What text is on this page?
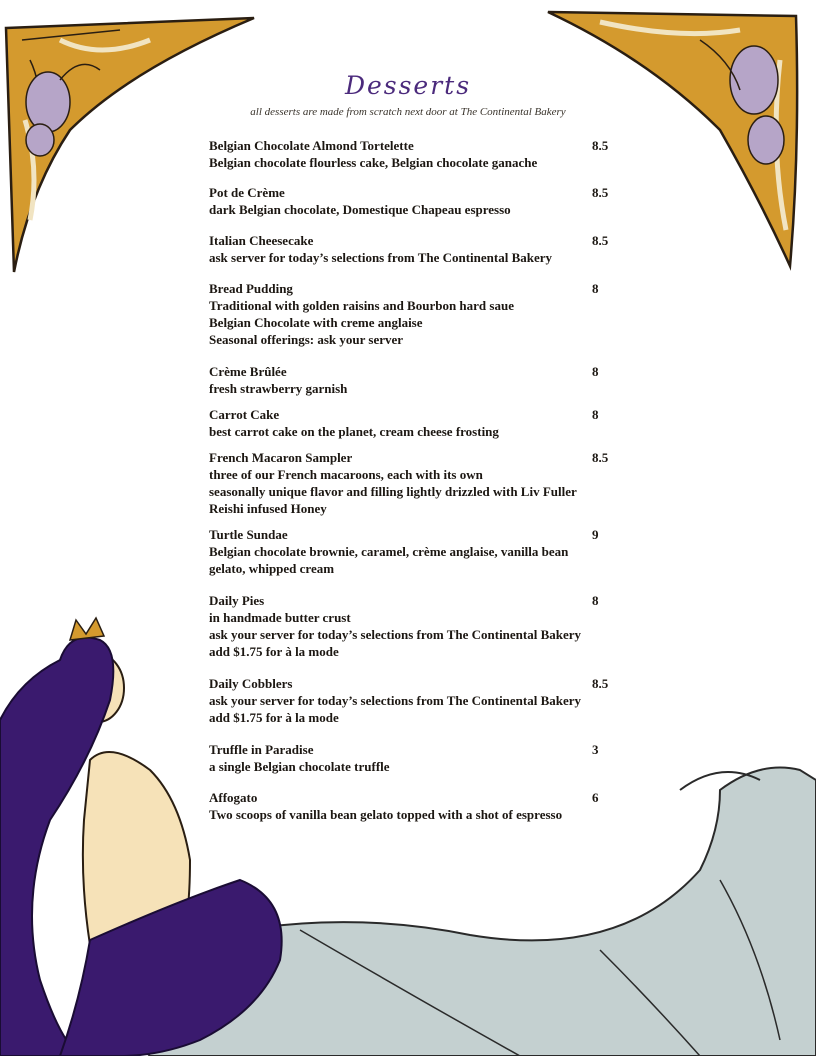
Desserts

all desserts are made from scratch next door at The Continental Bakery

Belgian Chocolate Almond Tortelette	8.5
Belgian chocolate flourless cake, Belgian chocolate ganache
Pot de Crème	8.5
dark Belgian chocolate, Domestique Chapeau espresso
Italian Cheesecake	8.5
ask server for today’s selections from The Continental Bakery
Bread Pudding	8
Traditional with golden raisins and Bourbon hard saue
Belgian Chocolate with creme anglaise
Seasonal offerings: ask your server
Crème Brûlée	8
fresh strawberry garnish
Carrot Cake	8
best carrot cake on the planet, cream cheese frosting
French Macaron Sampler	8.5
three of our French macaroons, each with its own
seasonally unique flavor and filling lightly drizzled with Liv Fuller
Reishi infused Honey
Turtle Sundae	9
Belgian chocolate brownie, caramel, crème anglaise, vanilla bean
gelato, whipped cream
Daily Pies	8
in handmade butter crust
ask your server for today’s selections from The Continental Bakery
add $1.75 for à la mode
Daily Cobblers	8.5
ask your server for today’s selections from The Continental Bakery
add $1.75 for à la mode
Truffle in Paradise	3
a single Belgian chocolate truffle
Affogato	6
Two scoops of vanilla bean gelato topped with a shot of espresso
